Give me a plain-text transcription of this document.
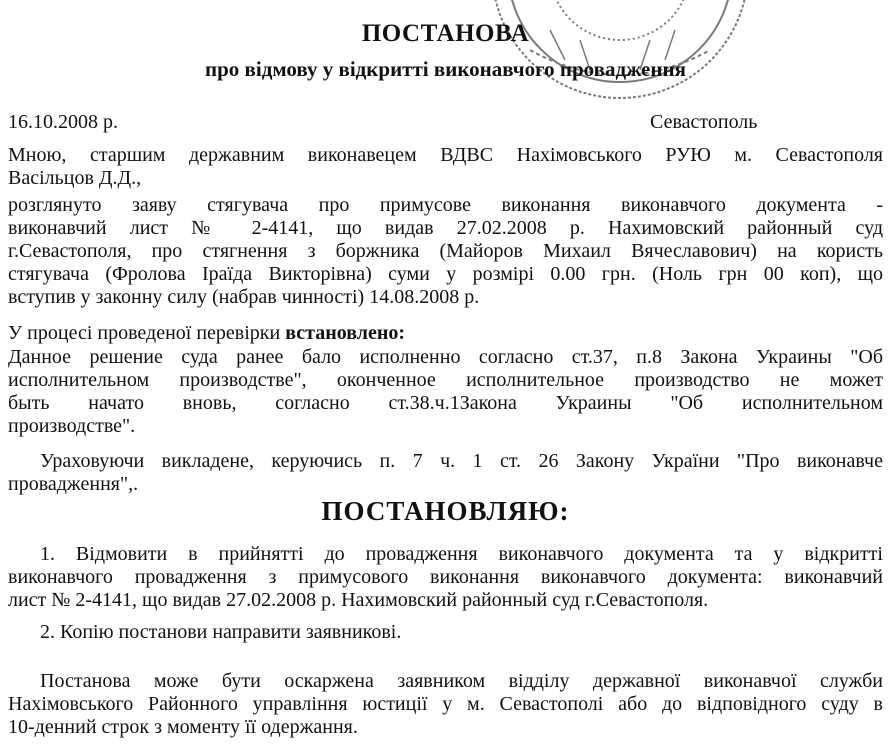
ПОСТАНОВА
про відмову у відкритті виконавчого провадження
16.10.2008 р.	Севастополь
Мною, старшим державним виконавецем ВДВС Нахімовського РУЮ м. Севастополя
Васільцов Д.Д.,
розглянуто заяву стягувача про примусове виконання виконавчого документа -
виконавчий лист № 2-4141, що видав 27.02.2008 р. Нахимовский районный суд
г.Севастополя, про стягнення з боржника (Майоров Михаил Вячеславович) на користь
стягувача (Фролова Іраїда Викторівна) суми у розмірі 0.00 грн. (Ноль грн 00 коп), що
вступив у законну силу (набрав чинності) 14.08.2008 р.
У процесі проведеної перевірки встановлено:
Данное решение суда ранее бало исполненно согласно ст.37, п.8 Закона Украины "Об
исполнительном производстве", оконченное исполнительное производство не может
быть начато вновь, согласно ст.38.ч.1Закона Украины "Об исполнительном
производстве".
Ураховуючи викладене, керуючись п. 7 ч. 1 ст. 26 Закону України "Про виконавче
провадження",.
ПОСТАНОВЛЯЮ:
1. Відмовити в прийнятті до провадження виконавчого документа та у відкритті
виконавчого провадження з примусового виконання виконавчого документа: виконавчий
лист № 2-4141, що видав 27.02.2008 р. Нахимовский районный суд г.Севастополя.
2. Копію постанови направити заявникові.
Постанова може бути оскаржена заявником відділу державної виконавчої служби
Нахімовського Районного управління юстиції у м. Севастополі або до відповідного суду в
10-денний строк з моменту її одержання.
